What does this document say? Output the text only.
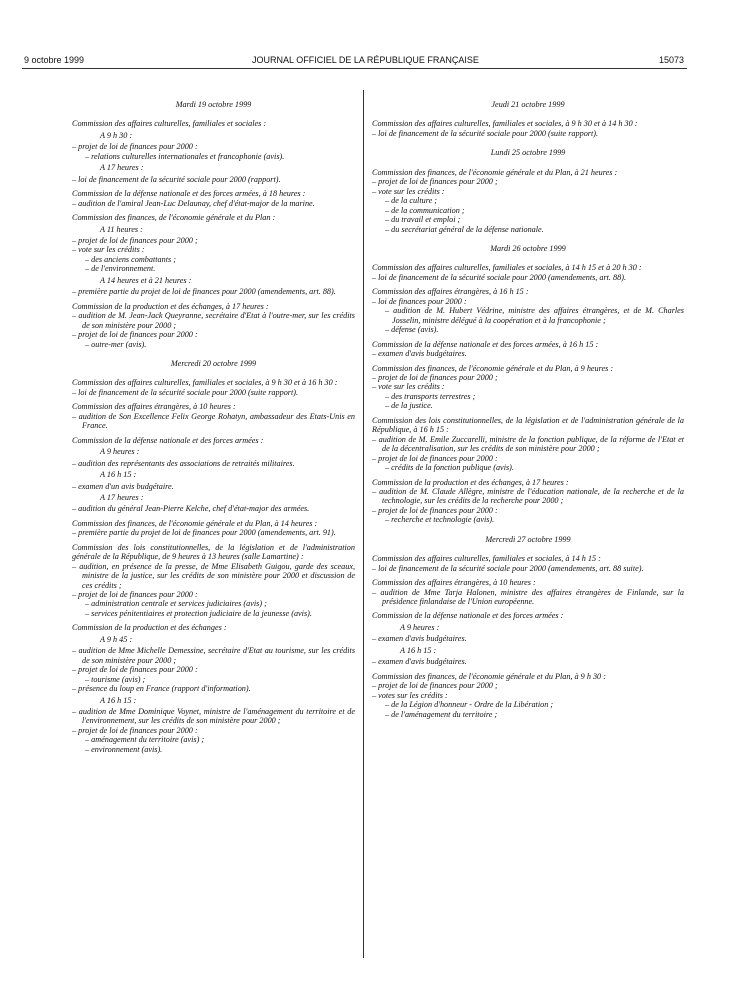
9 octobre 1999	JOURNAL OFFICIEL DE LA RÉPUBLIQUE FRANÇAISE	15073

Mardi 19 octobre 1999

Commission des affaires culturelles, familiales et sociales :

A 9 h 30 :

– projet de loi de finances pour 2000 :

– relations culturelles internationales et francophonie (avis).

A 17 heures :

– loi de financement de la sécurité sociale pour 2000 (rapport).

Commission de la défense nationale et des forces armées, à 18 heures :

– audition de l'amiral Jean-Luc Delaunay, chef d'état-major de la marine.

Commission des finances, de l'économie générale et du Plan :

A 11 heures :

– projet de loi de finances pour 2000 ;

– vote sur les crédits :

– des anciens combattants ;

– de l'environnement.

A 14 heures et à 21 heures :

– première partie du projet de loi de finances pour 2000 (amendements, art. 88).

Commission de la production et des échanges, à 17 heures :

– audition de M. Jean-Jack Queyranne, secrétaire d'Etat à l'outre-mer, sur les crédits de son ministère pour 2000 ;

– projet de loi de finances pour 2000 :

– outre-mer (avis).

Mercredi 20 octobre 1999

Commission des affaires culturelles, familiales et sociales, à 9 h 30 et à 16 h 30 :

– loi de financement de la sécurité sociale pour 2000 (suite rapport).

Commission des affaires étrangères, à 10 heures :

– audition de Son Excellence Felix George Rohatyn, ambassadeur des Etats-Unis en France.

Commission de la défense nationale et des forces armées :

A 9 heures :

– audition des représentants des associations de retraités militaires.

A 16 h 15 :

– examen d'un avis budgétaire.

A 17 heures :

– audition du général Jean-Pierre Kelche, chef d'état-major des armées.

Commission des finances, de l'économie générale et du Plan, à 14 heures :

– première partie du projet de loi de finances pour 2000 (amendements, art. 91).

Commission des lois constitutionnelles, de la législation et de l'administration générale de la République, de 9 heures à 13 heures (salle Lamartine) :

– audition, en présence de la presse, de Mme Elisabeth Guigou, garde des sceaux, ministre de la justice, sur les crédits de son ministère pour 2000 et discussion de ces crédits ;

– projet de loi de finances pour 2000 :

– administration centrale et services judiciaires (avis) ;

– services pénitentiaires et protection judiciaire de la jeunesse (avis).

Commission de la production et des échanges :

A 9 h 45 :

– audition de Mme Michelle Demessine, secrétaire d'Etat au tourisme, sur les crédits de son ministère pour 2000 ;

– projet de loi de finances pour 2000 :

– tourisme (avis) ;

– présence du loup en France (rapport d'information).

A 16 h 15 :

– audition de Mme Dominique Voynet, ministre de l'aménagement du territoire et de l'environnement, sur les crédits de son ministère pour 2000 ;

– projet de loi de finances pour 2000 :

– aménagement du territoire (avis) ;

– environnement (avis).

Jeudi 21 octobre 1999

Commission des affaires culturelles, familiales et sociales, à 9 h 30 et à 14 h 30 :

– loi de financement de la sécurité sociale pour 2000 (suite rapport).

Lundi 25 octobre 1999

Commission des finances, de l'économie générale et du Plan, à 21 heures :

– projet de loi de finances pour 2000 ;

– vote sur les crédits :

– de la culture ;

– de la communication ;

– du travail et emploi ;

– du secrétariat général de la défense nationale.

Mardi 26 octobre 1999

Commission des affaires culturelles, familiales et sociales, à 14 h 15 et à 20 h 30 :

– loi de financement de la sécurité sociale pour 2000 (amendements, art. 88).

Commission des affaires étrangères, à 16 h 15 :

– loi de finances pour 2000 :

– audition de M. Hubert Védrine, ministre des affaires étrangères, et de M. Charles Josselin, ministre délégué à la coopération et à la francophonie ;

– défense (avis).

Commission de la défense nationale et des forces armées, à 16 h 15 :

– examen d'avis budgétaires.

Commission des finances, de l'économie générale et du Plan, à 9 heures :

– projet de loi de finances pour 2000 ;

– vote sur les crédits :

– des transports terrestres ;

– de la justice.

Commission des lois constitutionnelles, de la législation et de l'administration générale de la République, à 16 h 15 :

– audition de M. Emile Zuccarelli, ministre de la fonction publique, de la réforme de l'Etat et de la décentralisation, sur les crédits de son ministère pour 2000 ;

– projet de loi de finances pour 2000 :

– crédits de la fonction publique (avis).

Commission de la production et des échanges, à 17 heures :

– audition de M. Claude Allègre, ministre de l'éducation nationale, de la recherche et de la technologie, sur les crédits de la recherche pour 2000 ;

– projet de loi de finances pour 2000 :

– recherche et technologie (avis).

Mercredi 27 octobre 1999

Commission des affaires culturelles, familiales et sociales, à 14 h 15 :

– loi de financement de la sécurité sociale pour 2000 (amendements, art. 88 suite).

Commission des affaires étrangères, à 10 heures :

– audition de Mme Tarja Halonen, ministre des affaires étrangères de Finlande, sur la présidence finlandaise de l'Union européenne.

Commission de la défense nationale et des forces armées :

A 9 heures :

– examen d'avis budgétaires.

A 16 h 15 :

– examen d'avis budgétaires.

Commission des finances, de l'économie générale et du Plan, à 9 h 30 :

– projet de loi de finances pour 2000 ;

– votes sur les crédits :

– de la Légion d'honneur - Ordre de la Libération ;

– de l'aménagement du territoire ;
